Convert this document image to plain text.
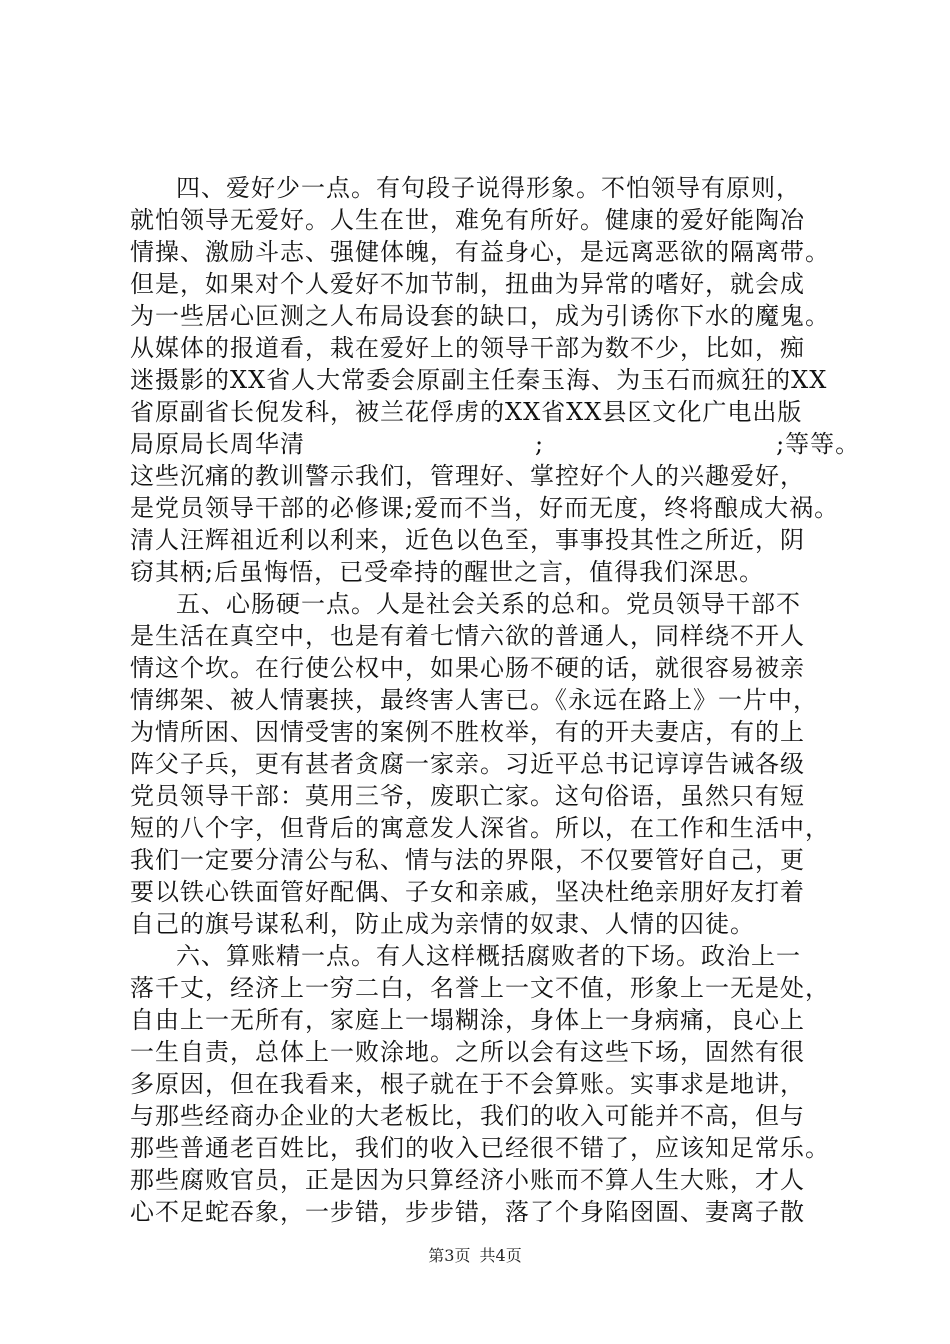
四、爱好少一点。有句段子说得形象。不怕领导有原则，
就怕领导无爱好。人生在世，难免有所好。健康的爱好能陶冶
情操、激励斗志、强健体魄，有益身心，是远离恶欲的隔离带。
但是，如果对个人爱好不加节制，扭曲为异常的嗜好，就会成
为一些居心叵测之人布局设套的缺口，成为引诱你下水的魔鬼。
从媒体的报道看，栽在爱好上的领导干部为数不少，比如，痴
迷摄影的XX省人大常委会原副主任秦玉海、为玉石而疯狂的XX
省原副省长倪发科，被兰花俘虏的XX省XX县区文化广电出版
局原局长周华清	;	;等等。
这些沉痛的教训警示我们，管理好、掌控好个人的兴趣爱好，
是党员领导干部的必修课;爱而不当，好而无度，终将酿成大祸。
清人汪辉祖近利以利来，近色以色至，事事投其性之所近，阴
窃其柄;后虽悔悟，已受牵持的醒世之言，值得我们深思。
五、心肠硬一点。人是社会关系的总和。党员领导干部不
是生活在真空中，也是有着七情六欲的普通人，同样绕不开人
情这个坎。在行使公权中，如果心肠不硬的话，就很容易被亲
情绑架、被人情裹挟，最终害人害已。《永远在路上》一片中，
为情所困、因情受害的案例不胜枚举，有的开夫妻店，有的上
阵父子兵，更有甚者贪腐一家亲。习近平总书记谆谆告诫各级
党员领导干部：莫用三爷，废职亡家。这句俗语，虽然只有短
短的八个字，但背后的寓意发人深省。所以，在工作和生活中，
我们一定要分清公与私、情与法的界限，不仅要管好自己，更
要以铁心铁面管好配偶、子女和亲戚，坚决杜绝亲朋好友打着
自己的旗号谋私利，防止成为亲情的奴隶、人情的囚徒。
六、算账精一点。有人这样概括腐败者的下场。政治上一
落千丈，经济上一穷二白，名誉上一文不值，形象上一无是处，
自由上一无所有，家庭上一塌糊涂，身体上一身病痛，良心上
一生自责，总体上一败涂地。之所以会有这些下场，固然有很
多原因，但在我看来，根子就在于不会算账。实事求是地讲，
与那些经商办企业的大老板比，我们的收入可能并不高，但与
那些普通老百姓比，我们的收入已经很不错了，应该知足常乐。
那些腐败官员，正是因为只算经济小账而不算人生大账，才人
心不足蛇吞象，一步错，步步错，落了个身陷囹圄、妻离子散
第3页 共4页
